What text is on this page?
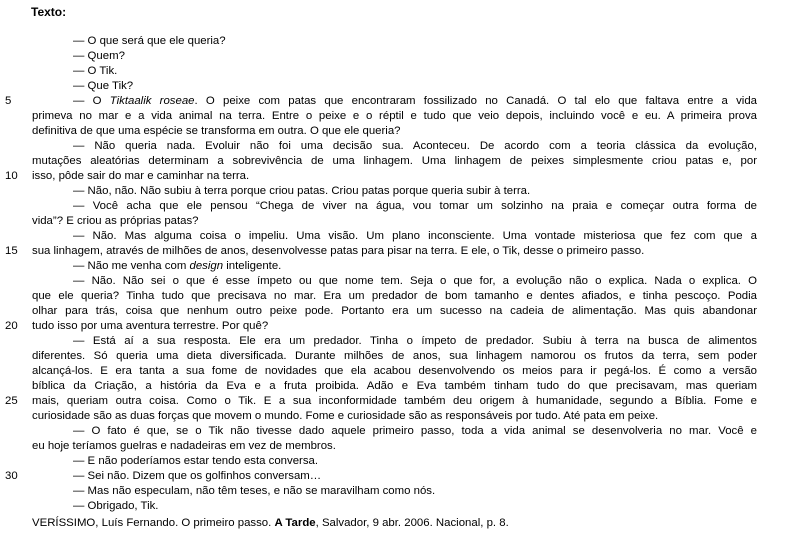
Texto:
5
10
15
20
25
30
— O que será que ele queria?
— Quem?
— O Tik.
— Que Tik?
— O Tiktaalik roseae. O peixe com patas que encontraram fossilizado no Canadá. O tal elo que faltava entre a vida
primeva no mar e a vida animal na terra. Entre o peixe e o réptil e tudo que veio depois, incluindo você e eu. A primeira prova
definitiva de que uma espécie se transforma em outra. O que ele queria?
— Não queria nada. Evoluir não foi uma decisão sua. Aconteceu. De acordo com a teoria clássica da evolução,
mutações aleatórias determinam a sobrevivência de uma linhagem. Uma linhagem de peixes simplesmente criou patas e, por
isso, pôde sair do mar e caminhar na terra.
— Não, não. Não subiu à terra porque criou patas. Criou patas porque queria subir à terra.
— Você acha que ele pensou “Chega de viver na água, vou tomar um solzinho na praia e começar outra forma de
vida”? E criou as próprias patas?
— Não. Mas alguma coisa o impeliu. Uma visão. Um plano inconsciente. Uma vontade misteriosa que fez com que a
sua linhagem, através de milhões de anos, desenvolvesse patas para pisar na terra. E ele, o Tik, desse o primeiro passo.
— Não me venha com design inteligente.
— Não. Não sei o que é esse ímpeto ou que nome tem. Seja o que for, a evolução não o explica. Nada o explica. O
que ele queria? Tinha tudo que precisava no mar. Era um predador de bom tamanho e dentes afiados, e tinha pescoço. Podia
olhar para trás, coisa que nenhum outro peixe pode. Portanto era um sucesso na cadeia de alimentação. Mas quis abandonar
tudo isso por uma aventura terrestre. Por quê?
— Está aí a sua resposta. Ele era um predador. Tinha o ímpeto de predador. Subiu à terra na busca de alimentos
diferentes. Só queria uma dieta diversificada. Durante milhões de anos, sua linhagem namorou os frutos da terra, sem poder
alcançá-los. E era tanta a sua fome de novidades que ela acabou desenvolvendo os meios para ir pegá-los. É como a versão
bíblica da Criação, a história da Eva e a fruta proibida. Adão e Eva também tinham tudo do que precisavam, mas queriam
mais, queriam outra coisa. Como o Tik. E a sua inconformidade também deu origem à humanidade, segundo a Bíblia. Fome e
curiosidade são as duas forças que movem o mundo. Fome e curiosidade são as responsáveis por tudo. Até pata em peixe.
— O fato é que, se o Tik não tivesse dado aquele primeiro passo, toda a vida animal se desenvolveria no mar. Você e
eu hoje teríamos guelras e nadadeiras em vez de membros.
— E não poderíamos estar tendo esta conversa.
— Sei não. Dizem que os golfinhos conversam…
— Mas não especulam, não têm teses, e não se maravilham como nós.
— Obrigado, Tik.
VERÍSSIMO, Luís Fernando. O primeiro passo. A Tarde, Salvador, 9 abr. 2006. Nacional, p. 8.
